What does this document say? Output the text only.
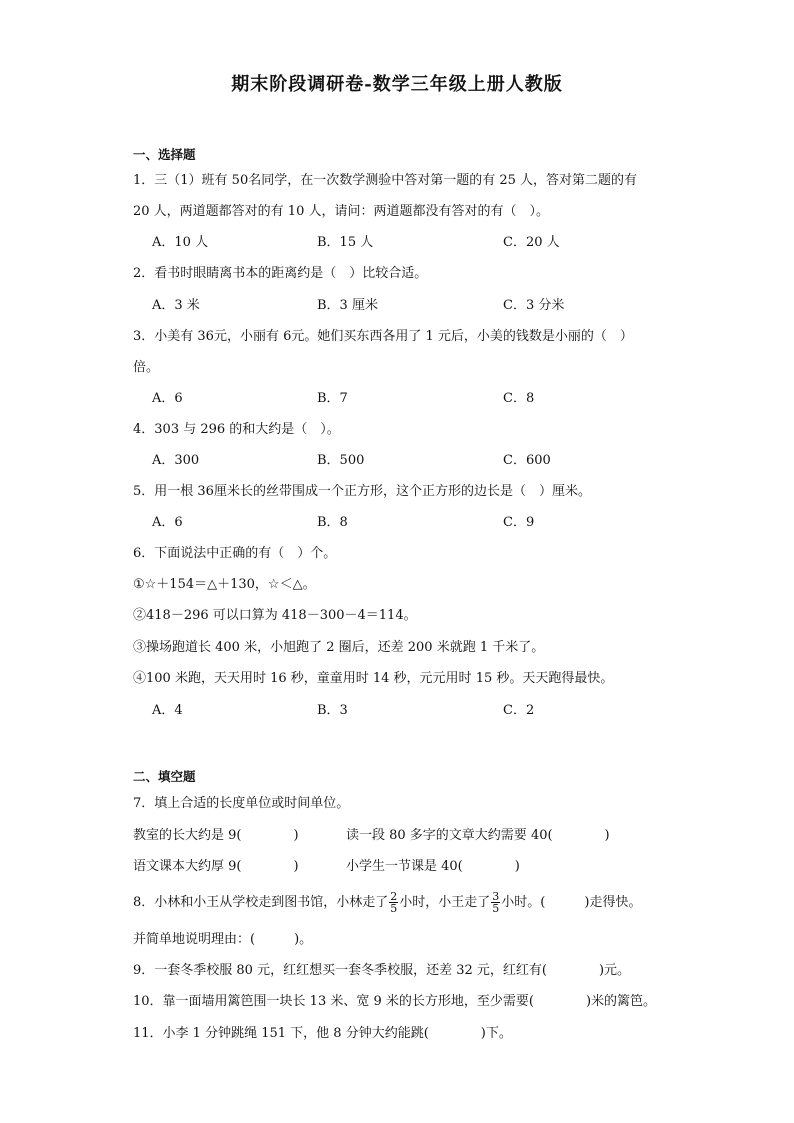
期末阶段调研卷-数学三年级上册人教版
一、选择题
1．三（1）班有 50名同学，在一次数学测验中答对第一题的有 25 人，答对第二题的有
20 人，两道题都答对的有 10 人，请问：两道题都没有答对的有（　）。
A．10 人	B．15 人	C．20 人
2．看书时眼睛离书本的距离约是（　）比较合适。
A．3 米	B．3 厘米	C．3 分米
3．小美有 36元，小丽有 6元。她们买东西各用了 1 元后，小美的钱数是小丽的（　）
倍。
A．6	B．7	C．8
4．303 与 296 的和大约是（　）。
A．300	B．500	C．600
5．用一根 36厘米长的丝带围成一个正方形，这个正方形的边长是（　）厘米。
A．6	B．8	C．9
6．下面说法中正确的有（　）个。
①☆＋154＝△＋130，☆＜△。
②418－296 可以口算为 418－300－4＝114。
③操场跑道长 400 米，小旭跑了 2 圈后，还差 200 米就跑 1 千米了。
④100 米跑，天天用时 16 秒，童童用时 14 秒，元元用时 15 秒。天天跑得最快。
A．4	B．3	C．2
二、填空题
7．填上合适的长度单位或时间单位。
教室的长大约是 9(　　　　)	读一段 80 多字的文章大约需要 40(　　　　)
语文课本大约厚 9(　　　　)	小学生一节课是 40(　　　　)
8．小林和小王从学校走到图书馆，小林走了 $\frac{2}{5}$ 小时，小王走了 $\frac{3}{5}$ 小时。(　　　)走得快。
并简单地说明理由：(　　　)。
9．一套冬季校服 80 元，红红想买一套冬季校服，还差 32 元，红红有(　　　　)元。
10．靠一面墙用篱笆围一块长 13 米、宽 9 米的长方形地，至少需要(　　　　)米的篱笆。
11．小李 1 分钟跳绳 151 下，他 8 分钟大约能跳(　　　　)下。
